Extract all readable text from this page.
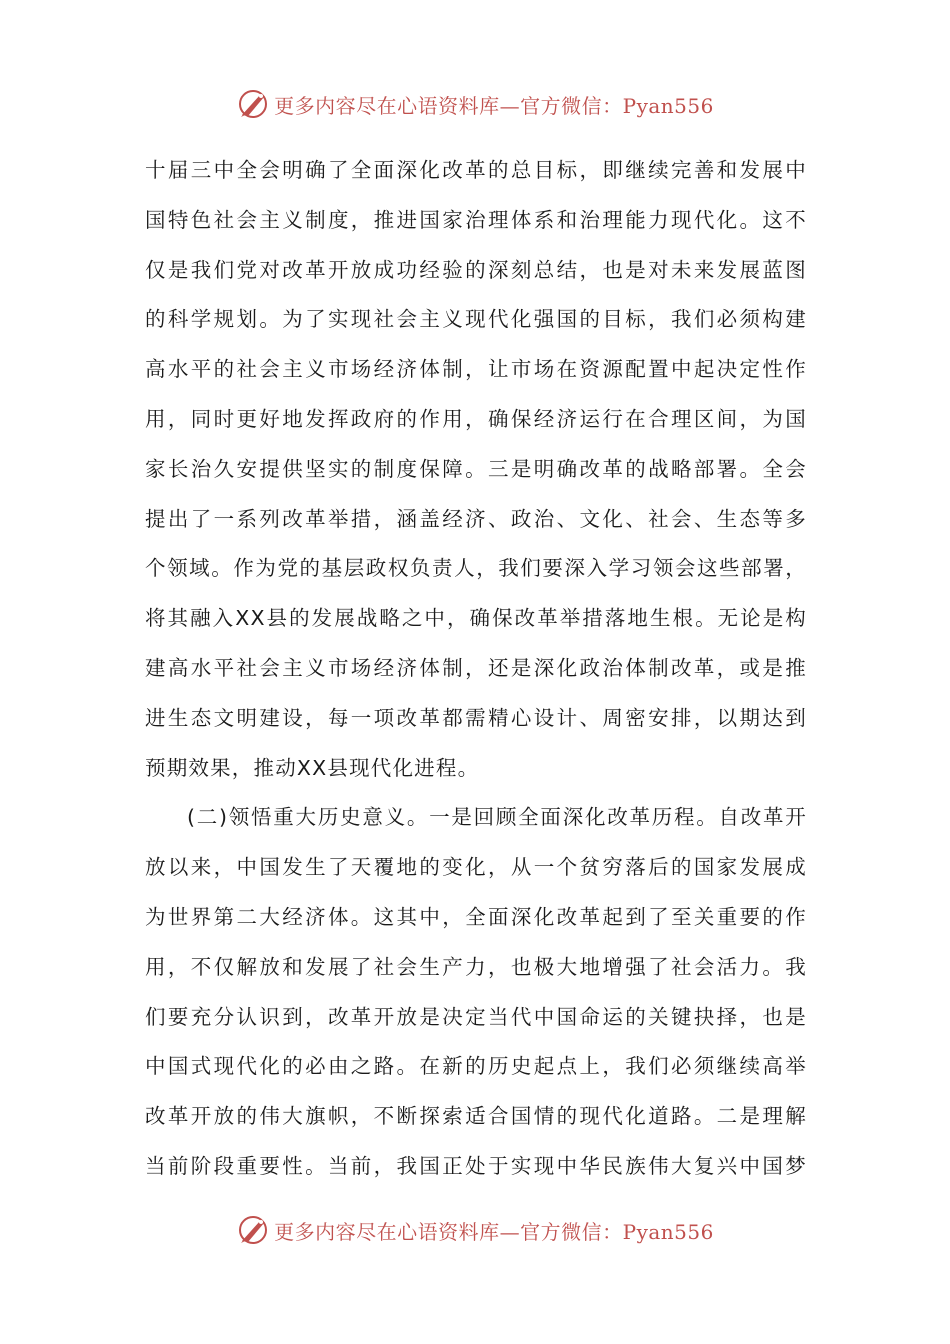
更多内容尽在心语资料库—官方微信：Pyan556
十届三中全会明确了全面深化改革的总目标，即继续完善和发展中
国特色社会主义制度，推进国家治理体系和治理能力现代化。这不
仅是我们党对改革开放成功经验的深刻总结，也是对未来发展蓝图
的科学规划。为了实现社会主义现代化强国的目标，我们必须构建
高水平的社会主义市场经济体制，让市场在资源配置中起决定性作
用，同时更好地发挥政府的作用，确保经济运行在合理区间，为国
家长治久安提供坚实的制度保障。三是明确改革的战略部署。全会
提出了一系列改革举措，涵盖经济、政治、文化、社会、生态等多
个领域。作为党的基层政权负责人，我们要深入学习领会这些部署，
将其融入XX县的发展战略之中，确保改革举措落地生根。无论是构
建高水平社会主义市场经济体制，还是深化政治体制改革，或是推
进生态文明建设，每一项改革都需精心设计、周密安排，以期达到
预期效果，推动XX县现代化进程。
(二)领悟重大历史意义。一是回顾全面深化改革历程。自改革开
放以来，中国发生了天覆地的变化，从一个贫穷落后的国家发展成
为世界第二大经济体。这其中，全面深化改革起到了至关重要的作
用，不仅解放和发展了社会生产力，也极大地增强了社会活力。我
们要充分认识到，改革开放是决定当代中国命运的关键抉择，也是
中国式现代化的必由之路。在新的历史起点上，我们必须继续高举
改革开放的伟大旗帜，不断探索适合国情的现代化道路。二是理解
当前阶段重要性。当前，我国正处于实现中华民族伟大复兴中国梦
更多内容尽在心语资料库—官方微信：Pyan556
